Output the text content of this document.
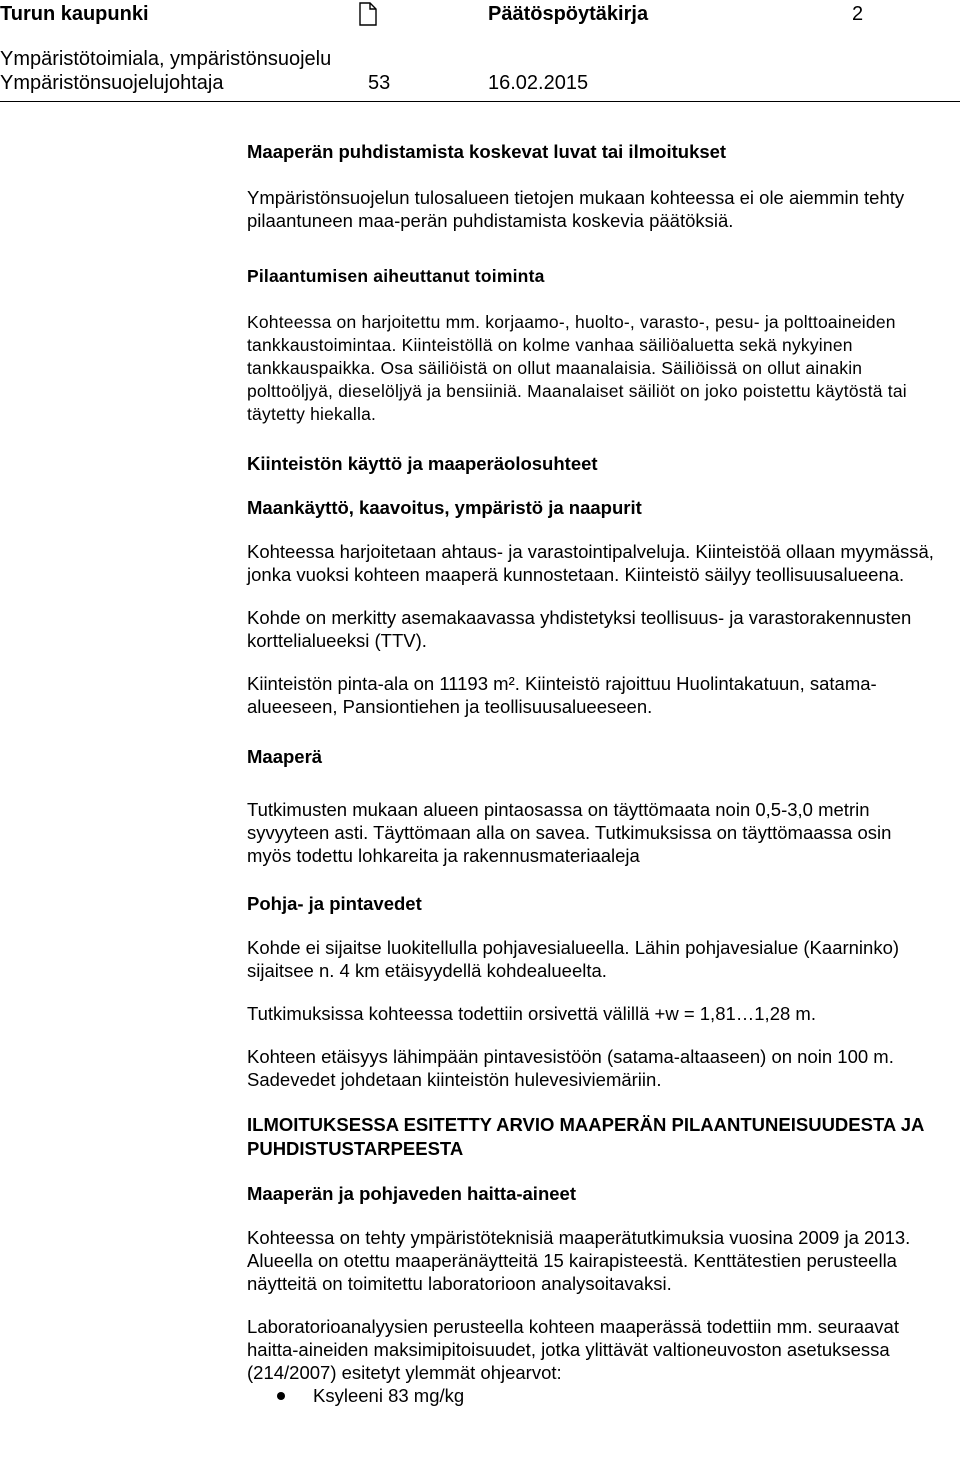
Turun kaupunki	Päätöspöytäkirja	2
Ympäristötoimiala, ympäristönsuojelu
Ympäristönsuojelujohtaja	53	16.02.2015
Maaperän puhdistamista koskevat luvat tai ilmoitukset
Ympäristönsuojelun tulosalueen tietojen mukaan kohteessa ei ole aiemmin tehty pilaantuneen maa-perän puhdistamista koskevia päätöksiä.
Pilaantumisen aiheuttanut toiminta
Kohteessa on harjoitettu mm. korjaamo-, huolto-, varasto-, pesu- ja polttoaineiden tankkaustoimintaa. Kiinteistöllä on kolme vanhaa säiliöaluetta sekä nykyinen tankkauspaikka. Osa säiliöistä on ollut maanalaisia. Säiliöissä on ollut ainakin polttoöljyä, dieselöljyä ja bensiiniä. Maanalaiset säiliöt on joko poistettu käytöstä tai täytetty hiekalla.
Kiinteistön käyttö ja maaperäolosuhteet
Maankäyttö, kaavoitus, ympäristö ja naapurit
Kohteessa harjoitetaan ahtaus- ja varastointipalveluja. Kiinteistöä ollaan myymässä, jonka vuoksi kohteen maaperä kunnostetaan. Kiinteistö säilyy teollisuusalueena.
Kohde on merkitty asemakaavassa yhdistetyksi teollisuus- ja varastorakennusten korttelialueeksi (TTV).
Kiinteistön pinta-ala on 11193 m². Kiinteistö rajoittuu Huolintakatuun, satama-alueeseen, Pansiontiehen ja teollisuusalueeseen.
Maaperä
Tutkimusten mukaan alueen pintaosassa on täyttömaata noin 0,5-3,0 metrin syvyyteen asti. Täyttömaan alla on savea. Tutkimuksissa on täyttömaassa osin myös todettu lohkareita ja rakennusmateriaaleja
Pohja- ja pintavedet
Kohde ei sijaitse luokitellulla pohjavesialueella. Lähin pohjavesialue (Kaarninko) sijaitsee n. 4 km etäisyydellä kohdealueelta.
Tutkimuksissa kohteessa todettiin orsivettä välillä +w = 1,81…1,28 m.
Kohteen etäisyys lähimpään pintavesistöön (satama-altaaseen) on noin 100 m. Sadevedet johdetaan kiinteistön hulevesiviemäriin.
ILMOITUKSESSA ESITETTY ARVIO MAAPERÄN PILAANTUNEISUUDESTA JA PUHDISTUSTARPEESTA
Maaperän ja pohjaveden haitta-aineet
Kohteessa on tehty ympäristöteknisiä maaperätutkimuksia vuosina 2009 ja 2013. Alueella on otettu maaperänäytteitä 15 kairapisteestä. Kenttätestien perusteella näytteitä on toimitettu laboratorioon analysoitavaksi.
Laboratorioanalyysien perusteella kohteen maaperässä todettiin mm. seuraavat haitta-aineiden maksimipitoisuudet, jotka ylittävät valtioneuvoston asetuksessa (214/2007) esitetyt ylemmät ohjearvot:
Ksyleeni 83 mg/kg
